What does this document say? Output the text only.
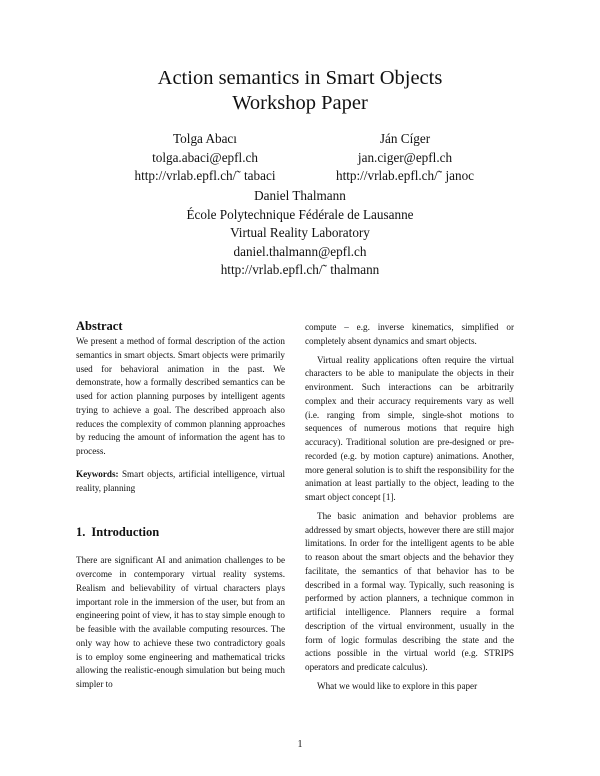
Action semantics in Smart Objects
Workshop Paper
Tolga Abacı
tolga.abaci@epfl.ch
http://vrlab.epfl.ch/˜ tabaci
Ján Cíger
jan.ciger@epfl.ch
http://vrlab.epfl.ch/˜ janoc
Daniel Thalmann
École Polytechnique Fédérale de Lausanne
Virtual Reality Laboratory
daniel.thalmann@epfl.ch
http://vrlab.epfl.ch/˜ thalmann
Abstract

We present a method of formal description of the action semantics in smart objects. Smart objects were primarily used for behavioral animation in the past. We demonstrate, how a formally described semantics can be used for action planning purposes by intelligent agents trying to achieve a goal. The described approach also reduces the complexity of common planning approaches by reducing the amount of information the agent has to process.

Keywords: Smart objects, artificial intelligence, virtual reality, planning

1. Introduction

There are significant AI and animation challenges to be overcome in contemporary virtual reality systems. Realism and believability of virtual characters plays important role in the immersion of the user, but from an engineering point of view, it has to stay simple enough to be feasible with the available computing resources. The only way how to achieve these two contradictory goals is to employ some engineering and mathematical tricks allowing the realistic-enough simulation but being much simpler to

compute – e.g. inverse kinematics, simplified or completely absent dynamics and smart objects.

Virtual reality applications often require the virtual characters to be able to manipulate the objects in their environment. Such interactions can be arbitrarily complex and their accuracy requirements vary as well (i.e. ranging from simple, single-shot motions to sequences of numerous motions that require high accuracy). Traditional solution are pre-designed or pre-recorded (e.g. by motion capture) animations. Another, more general solution is to shift the responsibility for the animation at least partially to the object, leading to the smart object concept [1].

The basic animation and behavior problems are addressed by smart objects, however there are still major limitations. In order for the intelligent agents to be able to reason about the smart objects and the behavior they facilitate, the semantics of that behavior has to be described in a formal way. Typically, such reasoning is performed by action planners, a technique common in artificial intelligence. Planners require a formal description of the virtual environment, usually in the form of logic formulas describing the state and the actions possible in the virtual world (e.g. STRIPS operators and predicate calculus).

What we would like to explore in this paper

1
